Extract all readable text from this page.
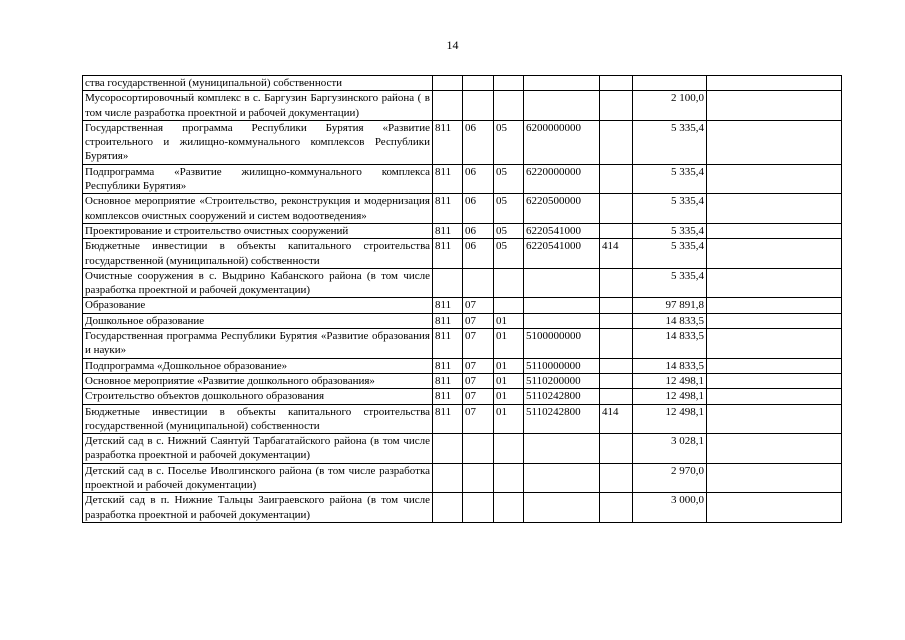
14
ства государственной (муниципальной) собственности							
Мусоросортировочный комплекс в с. Баргузин Баргузинского района ( в том числе разработка проектной и рабочей документации)						2 100,0	
Государственная программа Республики Бурятия «Развитие строительного и жилищно-коммунального комплексов Республики Бурятия»	811	06	05	6200000000		5 335,4	
Подпрограмма «Развитие жилищно-коммунального комплекса Республики Бурятия»	811	06	05	6220000000		5 335,4	
Основное мероприятие «Строительство, реконструкция и модернизация комплексов очистных сооружений и систем водоотведения»	811	06	05	6220500000		5 335,4	
Проектирование и строительство очистных сооружений	811	06	05	6220541000		5 335,4	
Бюджетные инвестиции в объекты капитального строительства государственной (муниципальной) собственности	811	06	05	6220541000	414	5 335,4	
Очистные сооружения в с. Выдрино Кабанского района (в том числе разработка проектной и рабочей документации)						5 335,4	
Образование	811	07				97 891,8	
Дошкольное образование	811	07	01			14 833,5	
Государственная программа Республики Бурятия «Развитие образования и науки»	811	07	01	5100000000		14 833,5	
Подпрограмма «Дошкольное образование»	811	07	01	5110000000		14 833,5	
Основное мероприятие «Развитие дошкольного образования»	811	07	01	5110200000		12 498,1	
Строительство объектов дошкольного образования	811	07	01	5110242800		12 498,1	
Бюджетные инвестиции в объекты капитального строительства государственной (муниципальной) собственности	811	07	01	5110242800	414	12 498,1	
Детский сад в с. Нижний Саянтуй Тарбагатайского района (в том числе разработка проектной и рабочей документации)						3 028,1	
Детский сад в с. Поселье Иволгинского района (в том числе разработка проектной и рабочей документации)						2 970,0	
Детский сад в п. Нижние Тальцы Заиграевского района (в том числе разработка проектной и рабочей документации)						3 000,0	
